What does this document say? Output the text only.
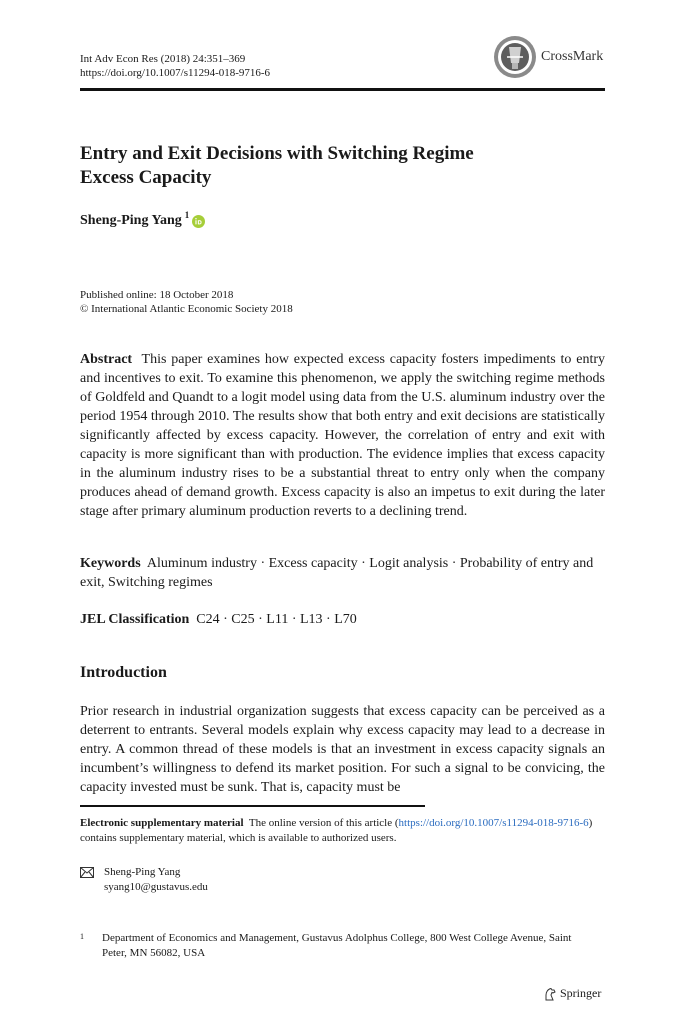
Int Adv Econ Res (2018) 24:351–369
https://doi.org/10.1007/s11294-018-9716-6
CrossMark
Entry and Exit Decisions with Switching Regime
Excess Capacity
Sheng-Ping Yang 1
Published online: 18 October 2018
© International Atlantic Economic Society 2018
Abstract This paper examines how expected excess capacity fosters impediments to entry and incentives to exit. To examine this phenomenon, we apply the switching regime methods of Goldfeld and Quandt to a logit model using data from the U.S. aluminum industry over the period 1954 through 2010. The results show that both entry and exit decisions are statistically significantly affected by excess capacity. However, the correlation of entry and exit with capacity is more significant than with production. The evidence implies that excess capacity in the aluminum industry rises to be a substantial threat to entry only when the company produces ahead of demand growth. Excess capacity is also an impetus to exit during the later stage after primary aluminum production reverts to a declining trend.
Keywords Aluminum industry · Excess capacity · Logit analysis · Probability of entry and exit, Switching regimes
JEL Classification C24 · C25 · L11 · L13 · L70
Introduction
Prior research in industrial organization suggests that excess capacity can be perceived as a deterrent to entrants. Several models explain why excess capacity may lead to a decrease in entry. A common thread of these models is that an investment in excess capacity signals an incumbent’s willingness to defend its market position. For such a signal to be convicing, the capacity invested must be sunk. That is, capacity must be
Electronic supplementary material The online version of this article (https://doi.org/10.1007/s11294-018-9716-6) contains supplementary material, which is available to authorized users.
Sheng-Ping Yang
syang10@gustavus.edu
1	Department of Economics and Management, Gustavus Adolphus College, 800 West College Avenue, Saint Peter, MN 56082, USA
Springer
